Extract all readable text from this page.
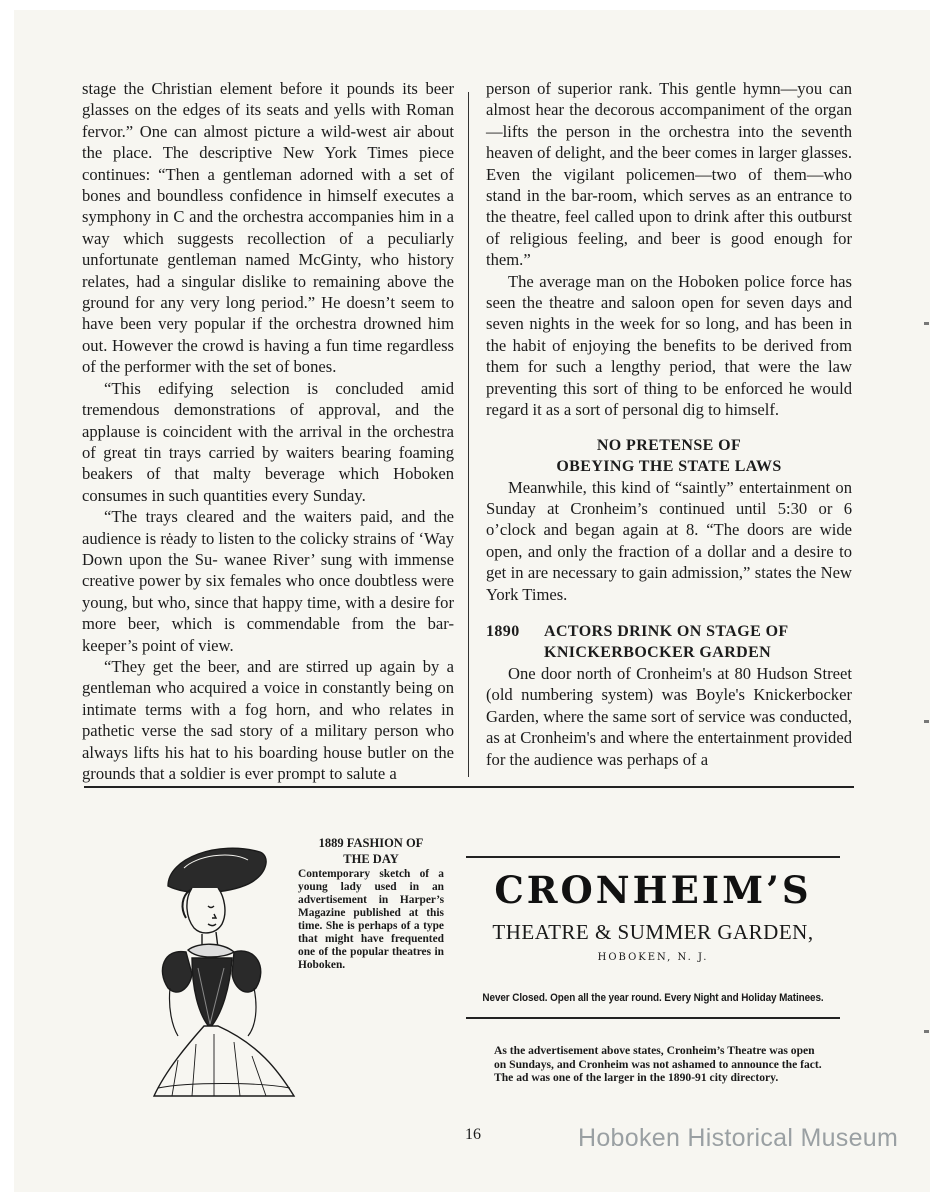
stage the Christian element before it pounds its beer glasses on the edges of its seats and yells with Roman fervor.” One can almost picture a wild-west air about the place. The descriptive New York Times piece continues: “Then a gentleman adorned with a set of bones and boundless confidence in himself executes a symphony in C and the orchestra accompanies him in a way which suggests recollection of a peculiarly unfortunate gentleman named McGinty, who history relates, had a singular dislike to remaining above the ground for any very long period.” He doesn’t seem to have been very popular if the orchestra drowned him out. However the crowd is having a fun time regardless of the performer with the set of bones.

“This edifying selection is concluded amid tremendous demonstrations of approval, and the applause is coincident with the arrival in the orchestra of great tin trays carried by waiters bearing foaming beakers of that malty beverage which Hoboken consumes in such quantities every Sunday.

“The trays cleared and the waiters paid, and the audience is rėady to listen to the colicky strains of ‘Way Down upon the Su- wanee River’ sung with immense creative power by six females who once doubtless were young, but who, since that happy time, with a desire for more beer, which is commendable from the bar-keeper’s point of view.

“They get the beer, and are stirred up again by a gentleman who acquired a voice in constantly being on intimate terms with a fog horn, and who relates in pathetic verse the sad story of a military person who always lifts his hat to his boarding house butler on the grounds that a soldier is ever prompt to salute a

person of superior rank. This gentle hymn—you can almost hear the decorous accompaniment of the organ—lifts the person in the orchestra into the seventh heaven of delight, and the beer comes in larger glasses. Even the vigilant policemen—two of them—who stand in the bar-room, which serves as an entrance to the theatre, feel called upon to drink after this outburst of religious feeling, and beer is good enough for them.”

The average man on the Hoboken police force has seen the theatre and saloon open for seven days and seven nights in the week for so long, and has been in the habit of enjoying the benefits to be derived from them for such a lengthy period, that were the law preventing this sort of thing to be enforced he would regard it as a sort of personal dig to himself.

NO PRETENSE OF
OBEYING THE STATE LAWS

Meanwhile, this kind of “saintly” entertainment on Sunday at Cronheim’s continued until 5:30 or 6 o’clock and began again at 8. “The doors are wide open, and only the fraction of a dollar and a desire to get in are necessary to gain admission,” states the New York Times.

1890	ACTORS DRINK ON STAGE OF
KNICKERBOCKER GARDEN

One door north of Cronheim's at 80 Hudson Street (old numbering system) was Boyle's Knickerbocker Garden, where the same sort of service was conducted, as at Cronheim's and where the entertainment provided for the audience was perhaps of a

1889 FASHION OF
THE DAY
Contemporary sketch of a young lady used in an advertisement in Harper’s Magazine published at this time. She is perhaps of a type that might have frequented one of the popular theatres in Hoboken.
CRONHEIM’S
THEATRE & SUMMER GARDEN,
HOBOKEN, N. J.
Never Closed. Open all the year round. Every Night and Holiday Matinees.
As the advertisement above states, Cronheim’s Theatre was open on Sundays, and Cronheim was not ashamed to announce the fact. The ad was one of the larger in the 1890-91 city directory.
16	Hoboken Historical Museum
